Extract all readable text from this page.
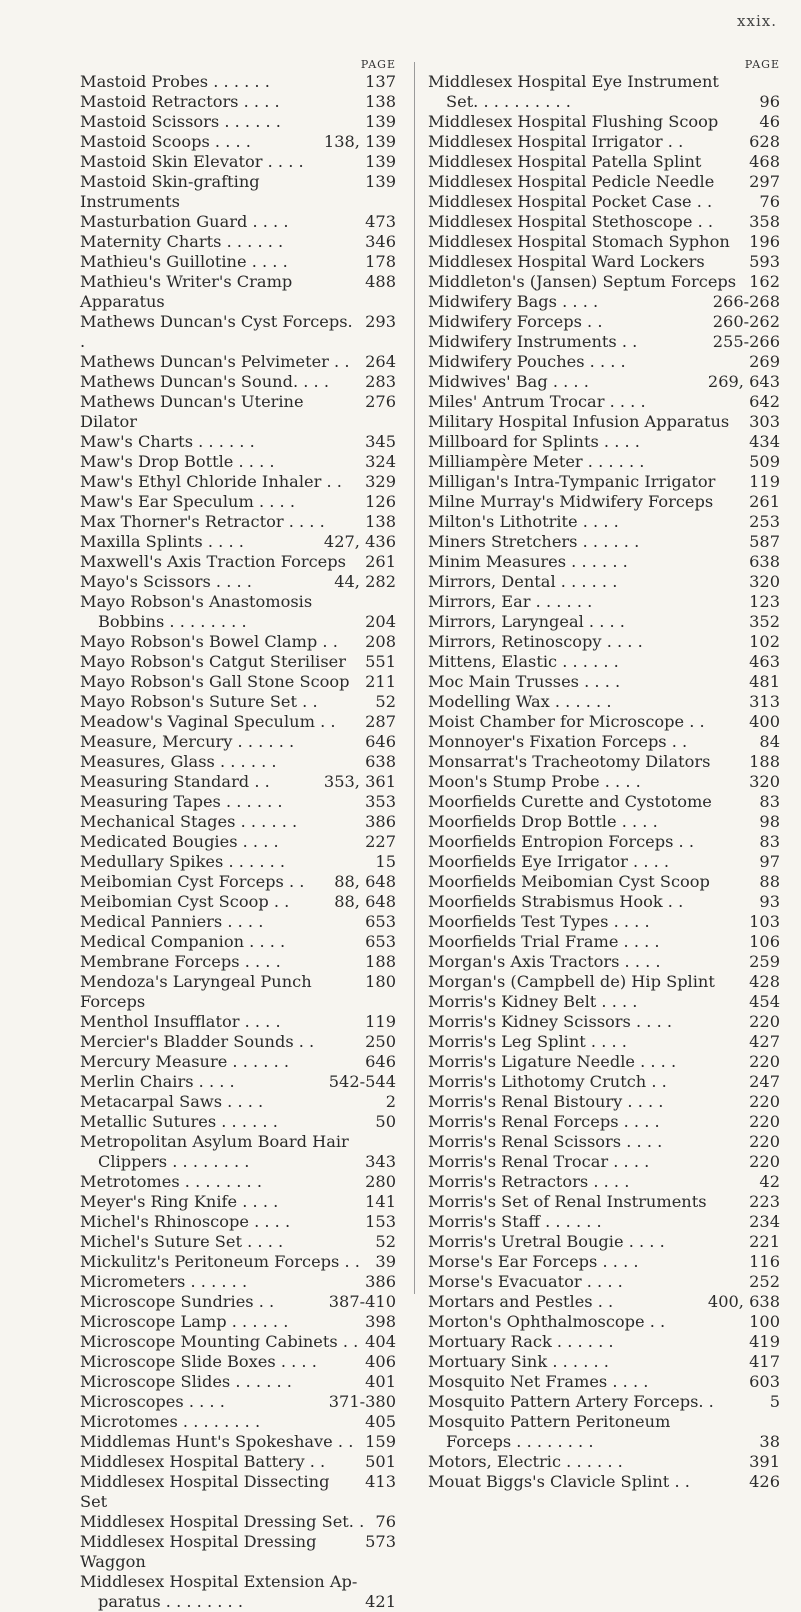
xxix.
PAGE
137
Mastoid Probes . . . . . .
138
Mastoid Retractors . . . .
139
Mastoid Scissors . . . . . .
138, 139
Mastoid Scoops . . . .
139
Mastoid Skin Elevator . . . .
139
Mastoid Skin-grafting Instruments
473
Masturbation Guard . . . .
346
Maternity Charts . . . . . .
178
Mathieu's Guillotine . . . .
488
Mathieu's Writer's Cramp Apparatus
293
Mathews Duncan's Cyst Forceps. .
264
Mathews Duncan's Pelvimeter . .
283
Mathews Duncan's Sound. . . .
276
Mathews Duncan's Uterine Dilator
345
Maw's Charts . . . . . .
324
Maw's Drop Bottle . . . .
329
Maw's Ethyl Chloride Inhaler . .
126
Maw's Ear Speculum . . . .
138
Max Thorner's Retractor . . . .
427, 436
Maxilla Splints . . . .
261
Maxwell's Axis Traction Forceps
44, 282
Mayo's Scissors . . . .
Mayo Robson's Anastomosis
204
Bobbins . . . . . . . .
208
Mayo Robson's Bowel Clamp . .
551
Mayo Robson's Catgut Steriliser
211
Mayo Robson's Gall Stone Scoop
52
Mayo Robson's Suture Set . .
287
Meadow's Vaginal Speculum . .
646
Measure, Mercury . . . . . .
638
Measures, Glass . . . . . .
353, 361
Measuring Standard . .
353
Measuring Tapes . . . . . .
386
Mechanical Stages . . . . . .
227
Medicated Bougies . . . .
15
Medullary Spikes . . . . . .
88, 648
Meibomian Cyst Forceps . .
88, 648
Meibomian Cyst Scoop . .
653
Medical Panniers . . . .
653
Medical Companion . . . .
188
Membrane Forceps . . . .
180
Mendoza's Laryngeal Punch Forceps
119
Menthol Insufflator . . . .
250
Mercier's Bladder Sounds . .
646
Mercury Measure . . . . . .
542-544
Merlin Chairs . . . .
2
Metacarpal Saws . . . .
50
Metallic Sutures . . . . . .
Metropolitan Asylum Board Hair
343
Clippers . . . . . . . .
280
Metrotomes . . . . . . . .
141
Meyer's Ring Knife . . . .
153
Michel's Rhinoscope . . . .
52
Michel's Suture Set . . . .
39
Mickulitz's Peritoneum Forceps . .
386
Micrometers . . . . . .
387-410
Microscope Sundries . .
398
Microscope Lamp . . . . . .
404
Microscope Mounting Cabinets . .
406
Microscope Slide Boxes . . . .
401
Microscope Slides . . . . . .
371-380
Microscopes . . . .
405
Microtomes . . . . . . . .
159
Middlemas Hunt's Spokeshave . .
501
Middlesex Hospital Battery . .
413
Middlesex Hospital Dissecting Set
76
Middlesex Hospital Dressing Set. .
573
Middlesex Hospital Dressing Waggon
Middlesex Hospital Extension Ap-
421
paratus . . . . . . . .
PAGE
Middlesex Hospital Eye Instrument
96
Set. . . . . . . . . .
46
Middlesex Hospital Flushing Scoop
628
Middlesex Hospital Irrigator . .
468
Middlesex Hospital Patella Splint
297
Middlesex Hospital Pedicle Needle
76
Middlesex Hospital Pocket Case . .
358
Middlesex Hospital Stethoscope . .
196
Middlesex Hospital Stomach Syphon
593
Middlesex Hospital Ward Lockers
162
Middleton's (Jansen) Septum Forceps
266-268
Midwifery Bags . . . .
260-262
Midwifery Forceps . .
255-266
Midwifery Instruments . .
269
Midwifery Pouches . . . .
269, 643
Midwives' Bag . . . .
642
Miles' Antrum Trocar . . . .
303
Military Hospital Infusion Apparatus
434
Millboard for Splints . . . .
509
Milliampère Meter . . . . . .
119
Milligan's Intra-Tympanic Irrigator
261
Milne Murray's Midwifery Forceps
253
Milton's Lithotrite . . . .
587
Miners Stretchers . . . . . .
638
Minim Measures . . . . . .
320
Mirrors, Dental . . . . . .
123
Mirrors, Ear . . . . . .
352
Mirrors, Laryngeal . . . .
102
Mirrors, Retinoscopy . . . .
463
Mittens, Elastic . . . . . .
481
Moc Main Trusses . . . .
313
Modelling Wax . . . . . .
400
Moist Chamber for Microscope . .
84
Monnoyer's Fixation Forceps . .
188
Monsarrat's Tracheotomy Dilators
320
Moon's Stump Probe . . . .
83
Moorfields Curette and Cystotome
98
Moorfields Drop Bottle . . . .
83
Moorfields Entropion Forceps . .
97
Moorfields Eye Irrigator . . . .
88
Moorfields Meibomian Cyst Scoop
93
Moorfields Strabismus Hook . .
103
Moorfields Test Types . . . .
106
Moorfields Trial Frame . . . .
259
Morgan's Axis Tractors . . . .
428
Morgan's (Campbell de) Hip Splint
454
Morris's Kidney Belt . . . .
220
Morris's Kidney Scissors . . . .
427
Morris's Leg Splint . . . .
220
Morris's Ligature Needle . . . .
247
Morris's Lithotomy Crutch . .
220
Morris's Renal Bistoury . . . .
220
Morris's Renal Forceps . . . .
220
Morris's Renal Scissors . . . .
220
Morris's Renal Trocar . . . .
42
Morris's Retractors . . . .
223
Morris's Set of Renal Instruments
234
Morris's Staff . . . . . .
221
Morris's Uretral Bougie . . . .
116
Morse's Ear Forceps . . . .
252
Morse's Evacuator . . . .
400, 638
Mortars and Pestles . .
100
Morton's Ophthalmoscope . .
419
Mortuary Rack . . . . . .
417
Mortuary Sink . . . . . .
603
Mosquito Net Frames . . . .
5
Mosquito Pattern Artery Forceps. .
Mosquito Pattern Peritoneum
38
Forceps . . . . . . . .
391
Motors, Electric . . . . . .
426
Mouat Biggs's Clavicle Splint . .
